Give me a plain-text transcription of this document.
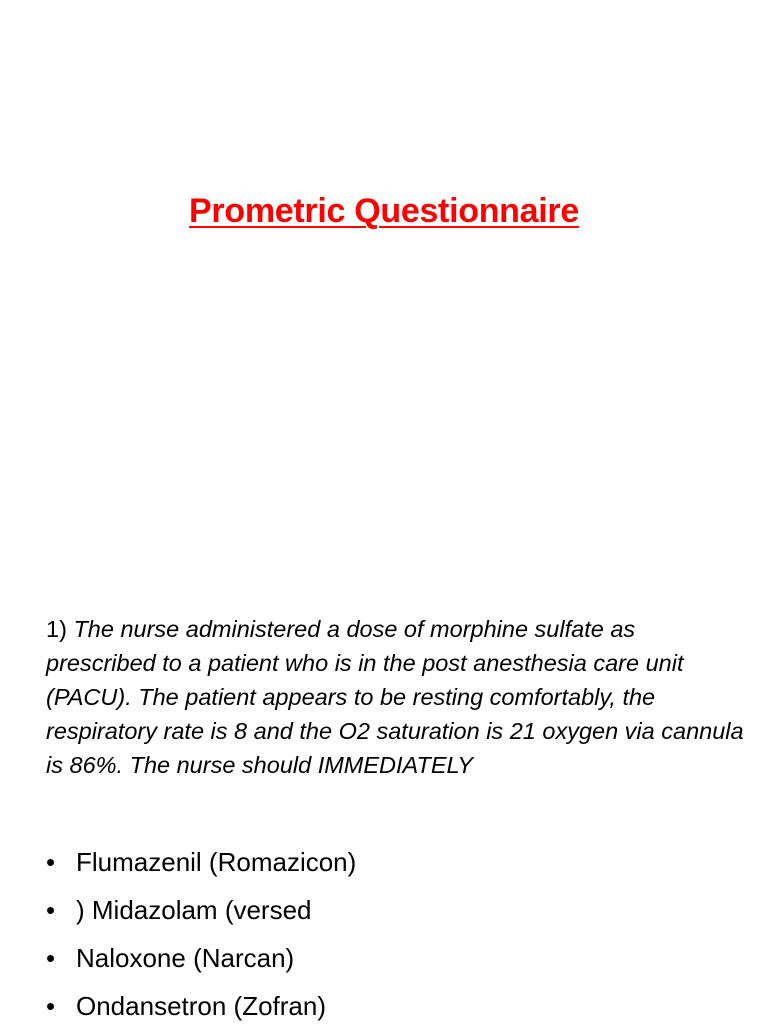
Prometric Questionnaire
1) The nurse administered a dose of morphine sulfate as prescribed to a patient who is in the post anesthesia care unit (PACU). The patient appears to be resting comfortably, the respiratory rate is 8 and the O2 saturation is 21 oxygen via cannula is 86%. The nurse should IMMEDIATELY
• Flumazenil (Romazicon)
• ) Midazolam (versed
• Naloxone (Narcan)
• Ondansetron (Zofran)
